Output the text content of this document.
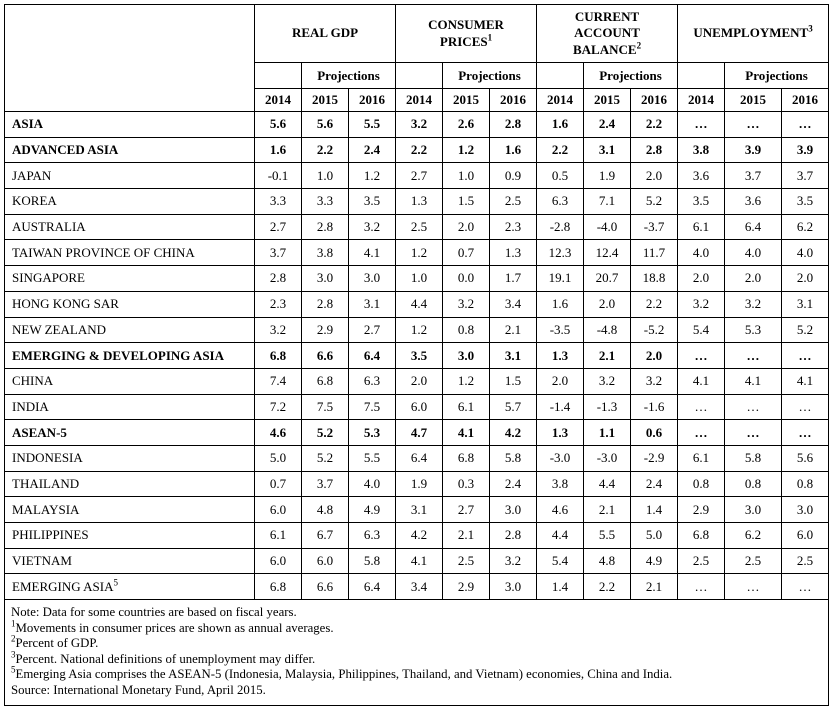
	REAL GDP			CONSUMER PRICES$^1$			CURRENT ACCOUNT BALANCE$^2$			UNEMPLOYMENT$^3$
		Projections			Projections			Projections			Projections	
	2014	2015	2016	2014	2015	2016	2014	2015	2016	2014	2015	2016
ASIA	5.6	5.6	5.5	3.2	2.6	2.8	1.6	2.4	2.2	…	…	…
ADVANCED ASIA	1.6	2.2	2.4	2.2	1.2	1.6	2.2	3.1	2.8	3.8	3.9	3.9
JAPAN	-0.1	1.0	1.2	2.7	1.0	0.9	0.5	1.9	2.0	3.6	3.7	3.7
KOREA	3.3	3.3	3.5	1.3	1.5	2.5	6.3	7.1	5.2	3.5	3.6	3.5
AUSTRALIA	2.7	2.8	3.2	2.5	2.0	2.3	-2.8	-4.0	-3.7	6.1	6.4	6.2
TAIWAN PROVINCE OF CHINA	3.7	3.8	4.1	1.2	0.7	1.3	12.3	12.4	11.7	4.0	4.0	4.0
SINGAPORE	2.8	3.0	3.0	1.0	0.0	1.7	19.1	20.7	18.8	2.0	2.0	2.0
HONG KONG SAR	2.3	2.8	3.1	4.4	3.2	3.4	1.6	2.0	2.2	3.2	3.2	3.1
NEW ZEALAND	3.2	2.9	2.7	1.2	0.8	2.1	-3.5	-4.8	-5.2	5.4	5.3	5.2
EMERGING & DEVELOPING ASIA	6.8	6.6	6.4	3.5	3.0	3.1	1.3	2.1	2.0	…	…	…
CHINA	7.4	6.8	6.3	2.0	1.2	1.5	2.0	3.2	3.2	4.1	4.1	4.1
INDIA	7.2	7.5	7.5	6.0	6.1	5.7	-1.4	-1.3	-1.6	…	…	…
ASEAN-5	4.6	5.2	5.3	4.7	4.1	4.2	1.3	1.1	0.6	…	…	…
INDONESIA	5.0	5.2	5.5	6.4	6.8	5.8	-3.0	-3.0	-2.9	6.1	5.8	5.6
THAILAND	0.7	3.7	4.0	1.9	0.3	2.4	3.8	4.4	2.4	0.8	0.8	0.8
MALAYSIA	6.0	4.8	4.9	3.1	2.7	3.0	4.6	2.1	1.4	2.9	3.0	3.0
PHILIPPINES	6.1	6.7	6.3	4.2	2.1	2.8	4.4	5.5	5.0	6.8	6.2	6.0
VIETNAM	6.0	6.0	5.8	4.1	2.5	3.2	5.4	4.8	4.9	2.5	2.5	2.5
EMERGING ASIA$^5$	6.8	6.6	6.4	3.4	2.9	3.0	1.4	2.2	2.1	…	…	…

Note: Data for some countries are based on fiscal years.
$^1$Movements in consumer prices are shown as annual averages.
$^2$Percent of GDP.
$^3$Percent. National definitions of unemployment may differ.
$^5$Emerging Asia comprises the ASEAN-5 (Indonesia, Malaysia, Philippines, Thailand, and Vietnam) economies, China and India.
Source: International Monetary Fund, April 2015.
